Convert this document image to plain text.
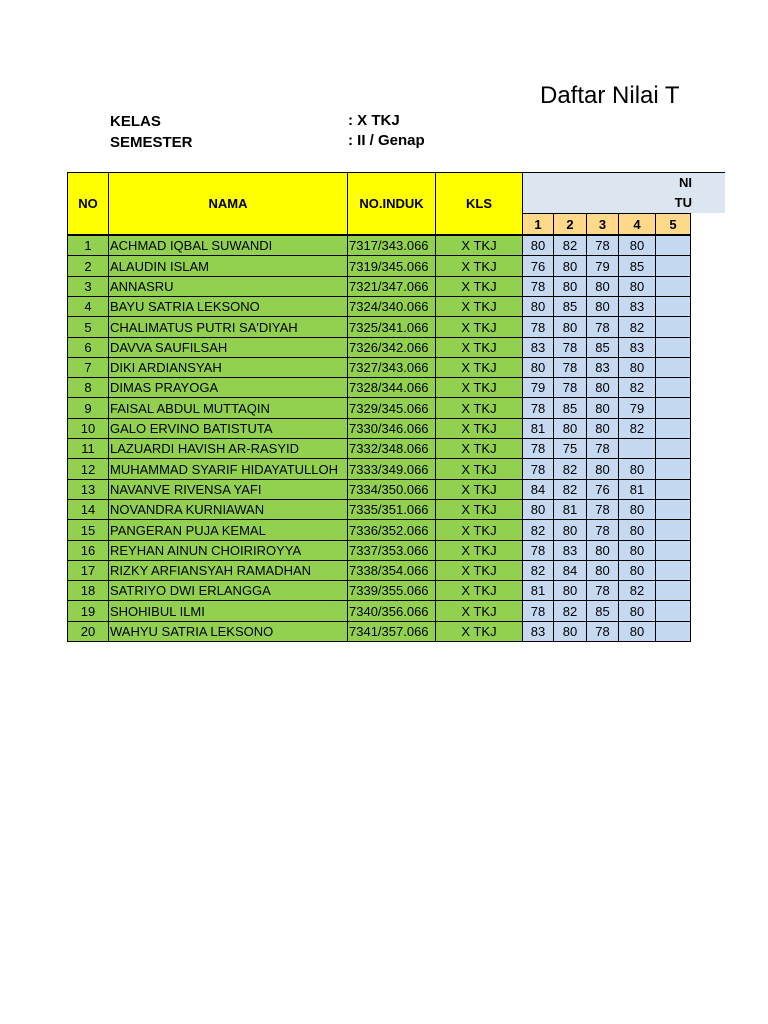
Daftar Nilai T
KELAS	: X TKJ
SEMESTER	: II / Genap
NO	NAMA	NO.INDUK	KLS
NI
TU
1	2	3	4	5
1	ACHMAD IQBAL SUWANDI	7317/343.066	X TKJ	80	82	78	80
2	ALAUDIN ISLAM	7319/345.066	X TKJ	76	80	79	85
3	ANNASRU	7321/347.066	X TKJ	78	80	80	80
4	BAYU SATRIA LEKSONO	7324/340.066	X TKJ	80	85	80	83
5	CHALIMATUS PUTRI SA'DIYAH	7325/341.066	X TKJ	78	80	78	82
6	DAVVA SAUFILSAH	7326/342.066	X TKJ	83	78	85	83
7	DIKI ARDIANSYAH	7327/343.066	X TKJ	80	78	83	80
8	DIMAS PRAYOGA	7328/344.066	X TKJ	79	78	80	82
9	FAISAL ABDUL MUTTAQIN	7329/345.066	X TKJ	78	85	80	79
10	GALO ERVINO BATISTUTA	7330/346.066	X TKJ	81	80	80	82
11	LAZUARDI HAVISH AR-RASYID	7332/348.066	X TKJ	78	75	78
12	MUHAMMAD SYARIF HIDAYATULLOH 7333/349.066	X TKJ	78	82	80	80
13	NAVANVE RIVENSA YAFI	7334/350.066	X TKJ	84	82	76	81
14	NOVANDRA KURNIAWAN	7335/351.066	X TKJ	80	81	78	80
15	PANGERAN PUJA KEMAL	7336/352.066	X TKJ	82	80	78	80
16	REYHAN AINUN CHOIRIROYYA	7337/353.066	X TKJ	78	83	80	80
17	RIZKY ARFIANSYAH RAMADHAN	7338/354.066	X TKJ	82	84	80	80
18	SATRIYO DWI ERLANGGA	7339/355.066	X TKJ	81	80	78	82
19	SHOHIBUL ILMI	7340/356.066	X TKJ	78	82	85	80
20	WAHYU SATRIA LEKSONO	7341/357.066	X TKJ	83	80	78	80
